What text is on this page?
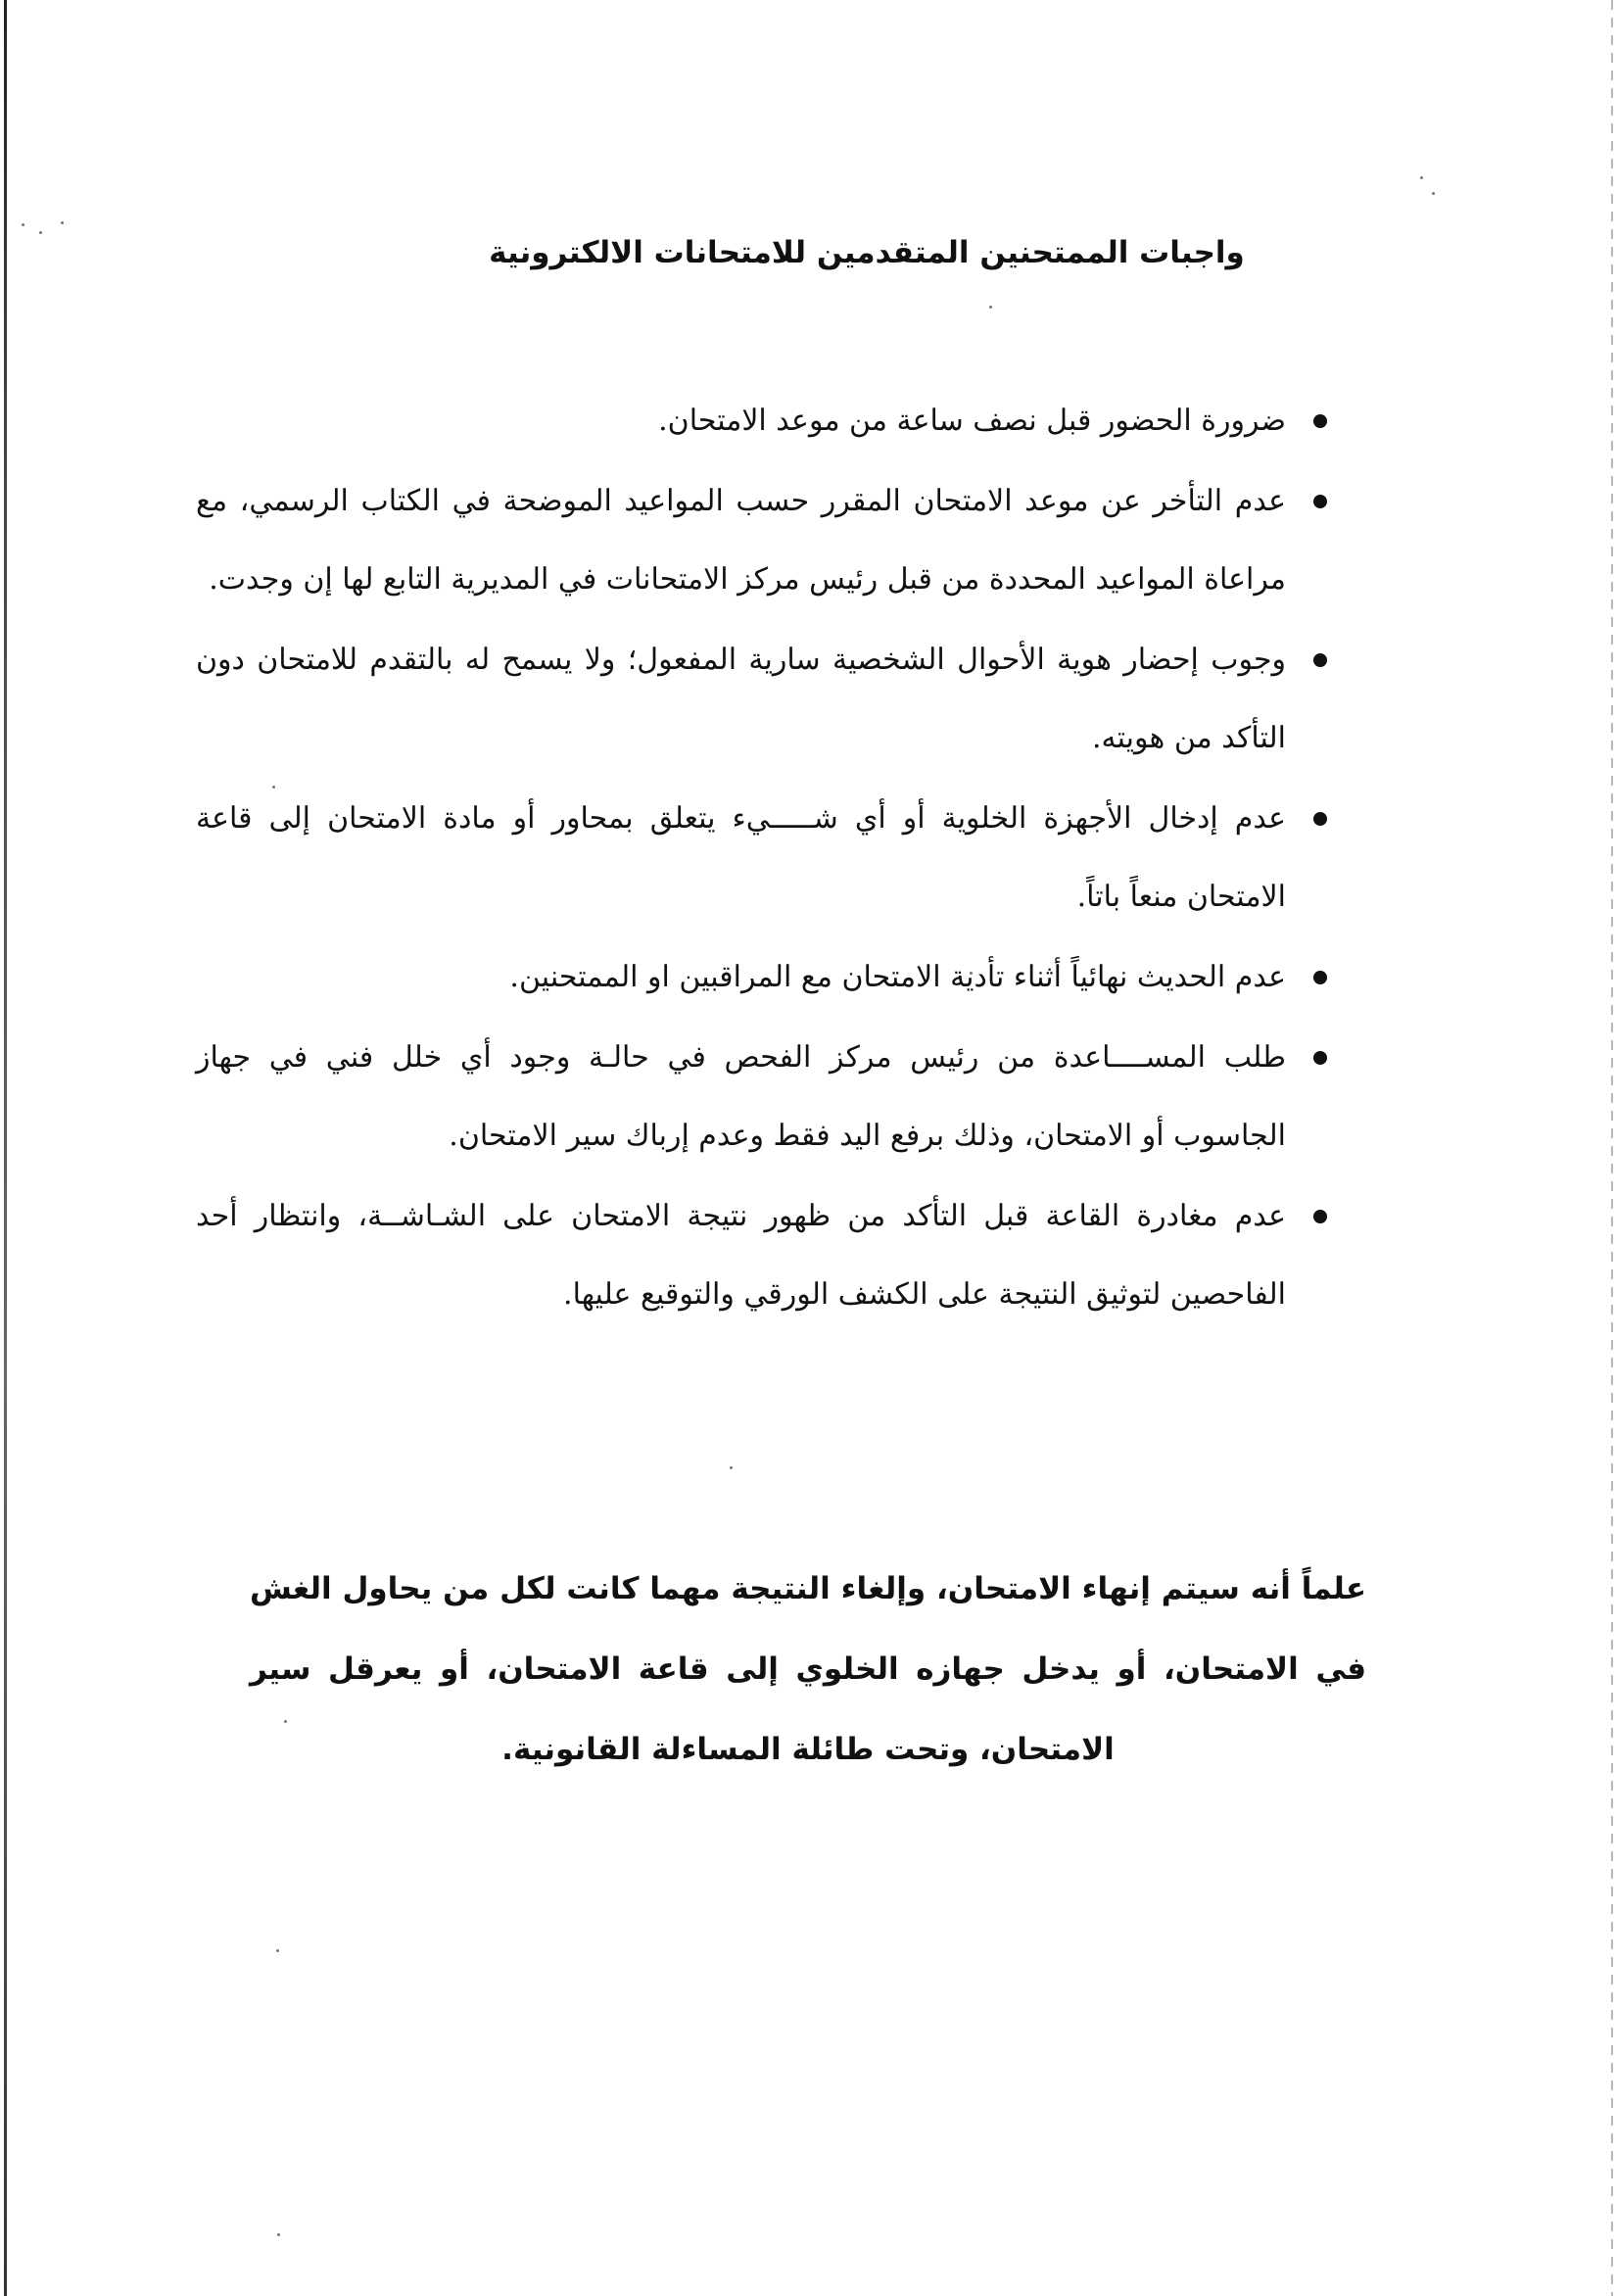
واجبات الممتحنين المتقدمين للامتحانات الالكترونية
ضرورة الحضور قبل نصف ساعة من موعد الامتحان.
عدم التأخر عن موعد الامتحان المقرر حسب المواعيد الموضحة في الكتاب الرسمي، مع مراعاة المواعيد المحددة من قبل رئيس مركز الامتحانات في المديرية التابع لها إن وجدت.
وجوب إحضار هوية الأحوال الشخصية سارية المفعول؛ ولا يسمح له بالتقدم للامتحان دون التأكد من هويته.
عدم إدخال الأجهزة الخلوية أو أي شـــــيء يتعلق بمحاور أو مادة الامتحان إلى قاعة الامتحان منعاً باتاً.
عدم الحديث نهائياً أثناء تأدية الامتحان مع المراقبين او الممتحنين.
طلب المســــاعدة من رئيس مركز الفحص في حالـة وجود أي خلل فني في جهاز الجاسوب أو الامتحان، وذلك برفع اليد فقط وعدم إرباك سير الامتحان.
عدم مغادرة القاعة قبل التأكد من ظهور نتيجة الامتحان على الشـاشــة، وانتظار أحد الفاحصين لتوثيق النتيجة على الكشف الورقي والتوقيع عليها.

علماً أنه سيتم إنهاء الامتحان، وإلغاء النتيجة مهما كانت لكل من يحاول الغش في الامتحان، أو يدخل جهازه الخلوي إلى قاعة الامتحان، أو يعرقل سير الامتحان، وتحت طائلة المساءلة القانونية.
